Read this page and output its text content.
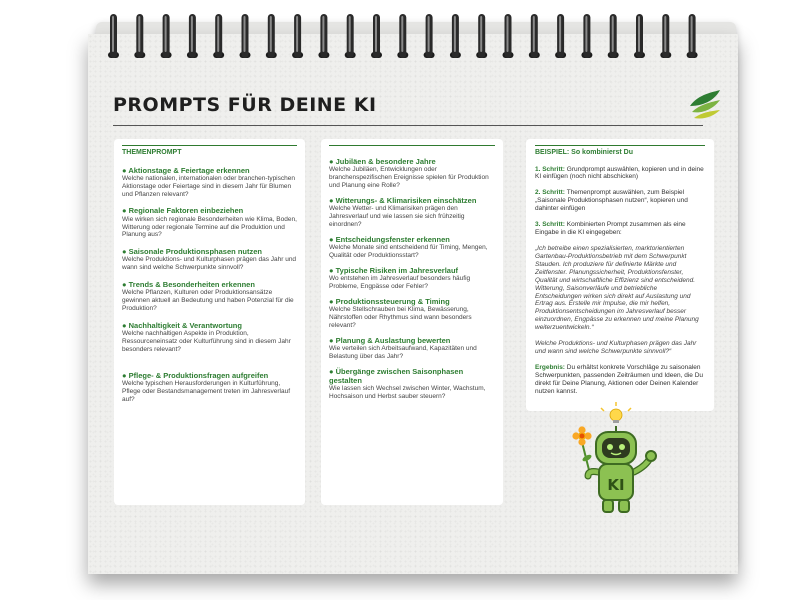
PROMPTS FÜR DEINE KI
THEMENPROMPT
● Aktionstage & Feiertage erkennen
Welche nationalen, internationalen oder branchen-typischen Aktionstage oder Feiertage sind in diesem Jahr für Blumen und Pflanzen relevant?
● Regionale Faktoren einbeziehen
Wie wirken sich regionale Besonderheiten wie Klima, Boden, Witterung oder regionale Termine auf die Produktion und Planung aus?
● Saisonale Produktionsphasen nutzen
Welche Produktions- und Kulturphasen prägen das Jahr und wann sind welche Schwerpunkte sinnvoll?
● Trends & Besonderheiten erkennen
Welche Pflanzen, Kulturen oder Produktionsansätze gewinnen aktuell an Bedeutung und haben Potenzial für die Produktion?
● Nachhaltigkeit & Verantwortung
Welche nachhaltigen Aspekte in Produktion, Ressourceneinsatz oder Kulturführung sind in diesem Jahr besonders relevant?
● Pflege- & Produktionsfragen aufgreifen
Welche typischen Herausforderungen in Kulturführung, Pflege oder Bestandsmanagement treten im Jahresverlauf auf?
● Jubiläen & besondere Jahre
Welche Jubiläen, Entwicklungen oder branchenspezifischen Ereignisse spielen für Produktion und Planung eine Rolle?
● Witterungs- & Klimarisiken einschätzen
Welche Wetter- und Klimarisiken prägen den Jahresverlauf und wie lassen sie sich frühzeitig einordnen?
● Entscheidungsfenster erkennen
Welche Monate sind entscheidend für Timing, Mengen, Qualität oder Produktionsstart?
● Typische Risiken im Jahresverlauf
Wo entstehen im Jahresverlauf besonders häufig Probleme, Engpässe oder Fehler?
● Produktionssteuerung & Timing
Welche Stellschrauben bei Klima, Bewässerung, Nährstoffen oder Rhythmus sind wann besonders relevant?
● Planung & Auslastung bewerten
Wie verteilen sich Arbeitsaufwand, Kapazitäten und Belastung über das Jahr?
● Übergänge zwischen Saisonphasen gestalten
Wie lassen sich Wechsel zwischen Winter, Wachstum, Hochsaison und Herbst sauber steuern?
BEISPIEL: So kombinierst Du
1. Schritt: Grundprompt auswählen, kopieren und in deine KI einfügen (noch nicht abschicken)
2. Schritt: Themenprompt auswählen, zum Beispiel „Saisonale Produktionsphasen nutzen“, kopieren und dahinter einfügen
3. Schritt: Kombinierten Prompt zusammen als eine Eingabe in die KI eingegeben:
„Ich betreibe einen spezialisierten, marktorientierten Gartenbau-Produktionsbetrieb mit dem Schwerpunkt Stauden. Ich produziere für definierte Märkte und Zeitfenster. Planungssicherheit, Produktionsfenster, Qualität und wirtschaftliche Effizienz sind entscheidend. Witterung, Saisonverläufe und betriebliche Entscheidungen wirken sich direkt auf Auslastung und Ertrag aus. Erstelle mir Impulse, die mir helfen, Produktionsentscheidungen im Jahresverlauf besser einzuordnen, Engpässe zu erkennen und meine Planung weiterzuentwickeln.“
Welche Produktions- und Kulturphasen prägen das Jahr und wann sind welche Schwerpunkte sinnvoll?“
Ergebnis: Du erhältst konkrete Vorschläge zu saisonalen Schwerpunkten, passenden Zeiträumen und Ideen, die Du direkt für Deine Planung, Aktionen oder Deinen Kalender nutzen kannst.
KI
